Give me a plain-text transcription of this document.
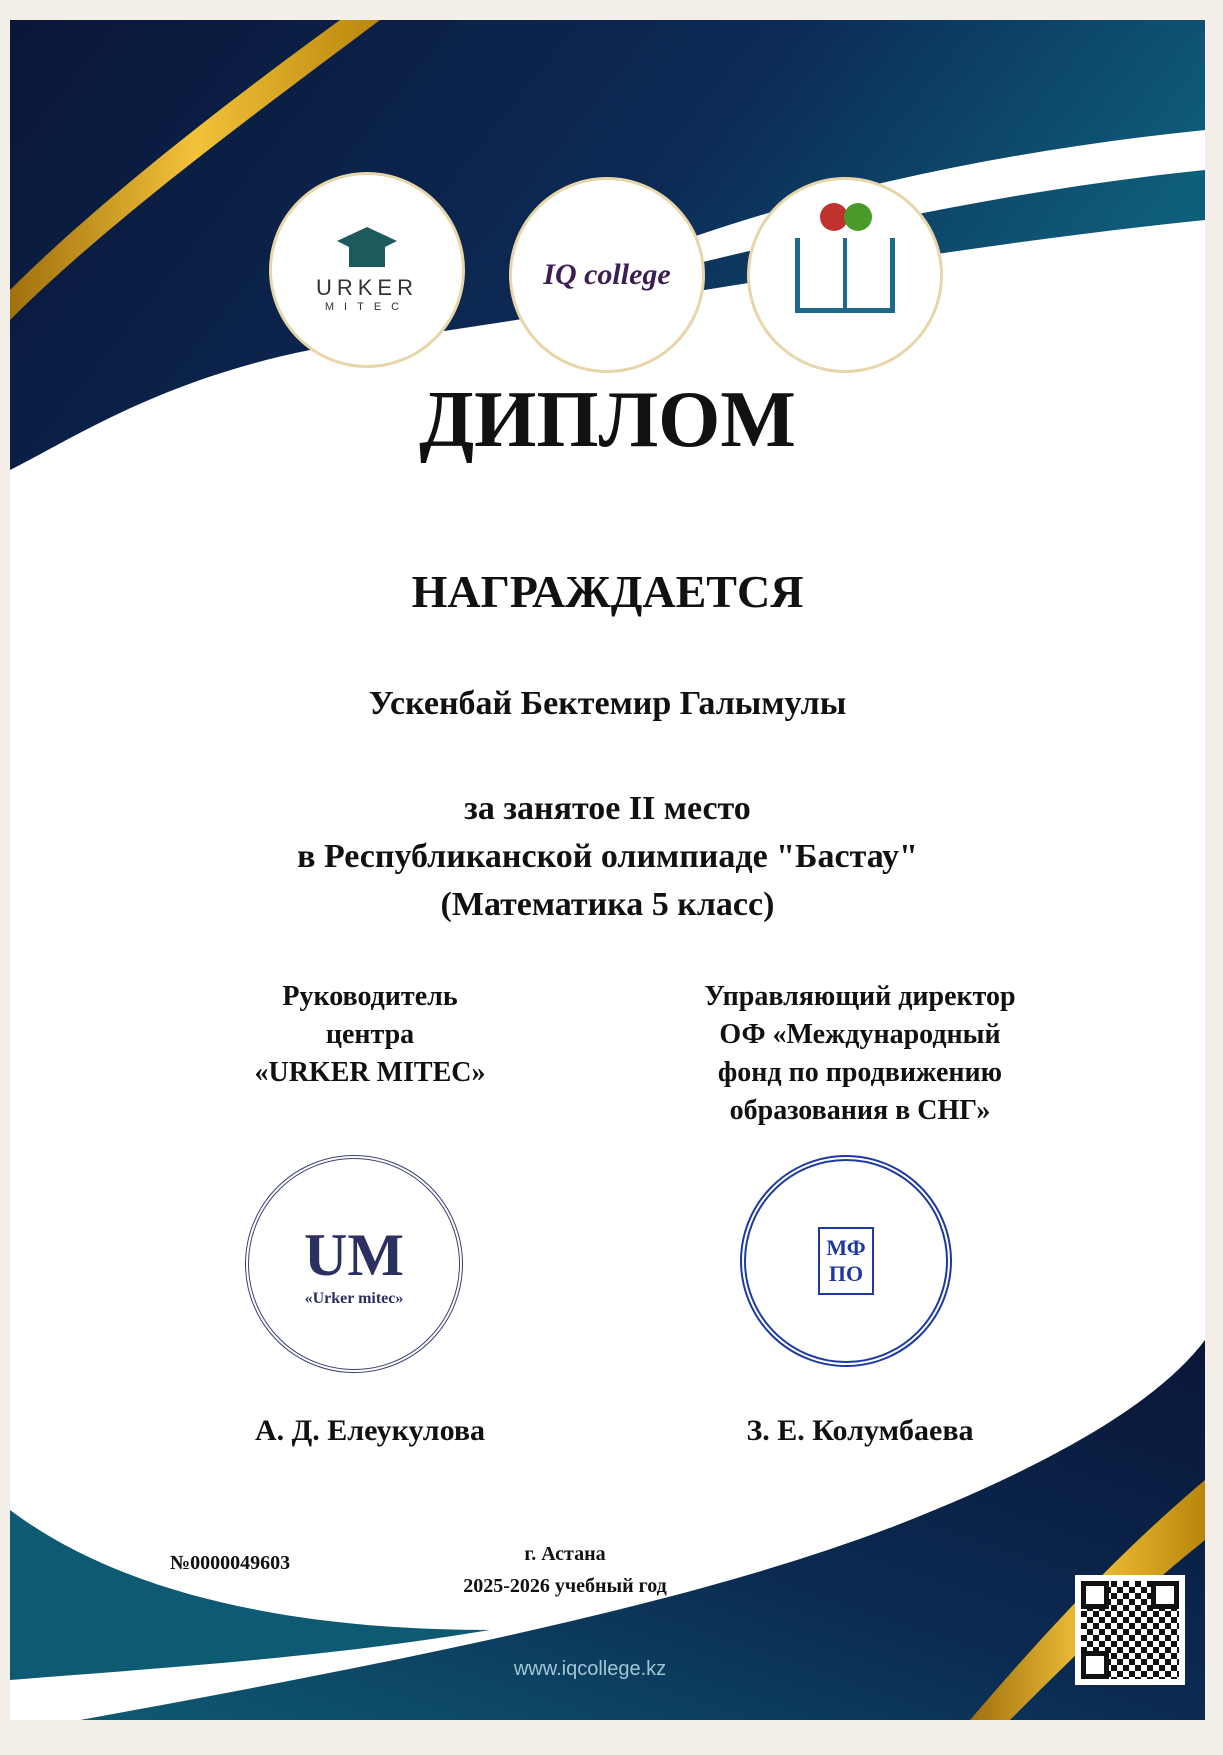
URKER
MITEC
IQ college
ДИПЛОМ
НАГРАЖДАЕТСЯ
Ускенбай Бектемир Галымулы
за занятое II место
в Республиканской олимпиаде "Бастау"
(Математика 5 класс)
Руководитель
центра
«URKER MITEC»
Управляющий директор
ОФ «Международный
фонд по продвижению
образования в СНГ»
UM
«Urker mitec»
МФ ПО
А. Д. Елеукулова	З. Е. Колумбаева
№0000049603	г. Астана
2025-2026 учебный год
www.iqcollege.kz
